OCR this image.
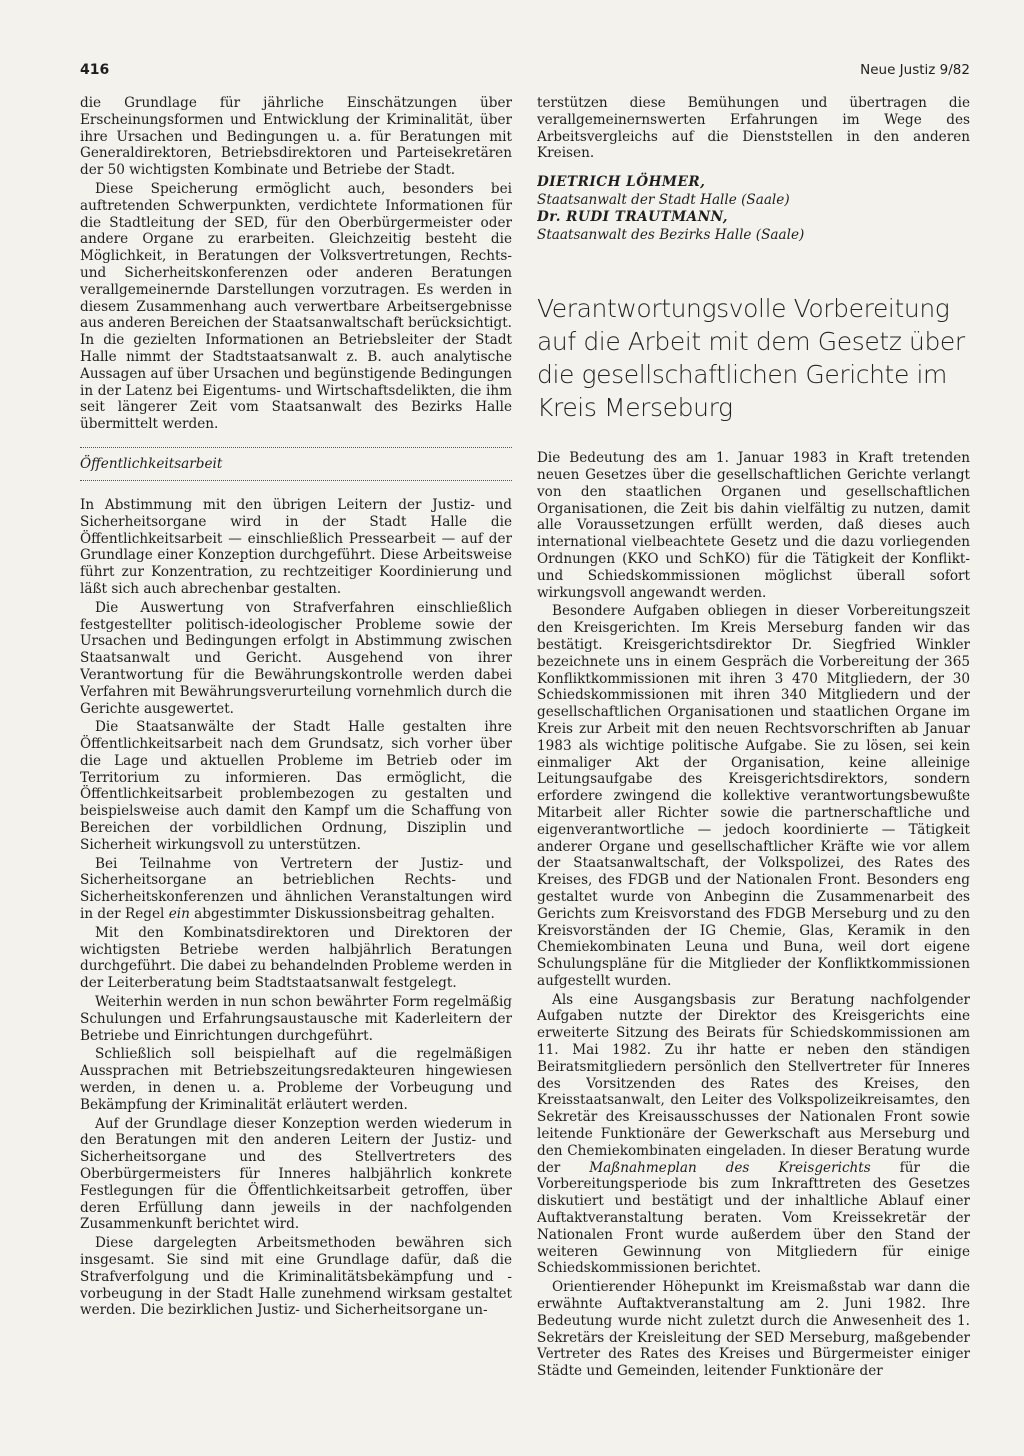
416	Neue Justiz 9/82

die Grundlage für jährliche Einschätzungen über Erscheinungsformen und Entwicklung der Kriminalität, über ihre Ursachen und Bedingungen u. a. für Beratungen mit Generaldirektoren, Betriebsdirektoren und Parteisekretären der 50 wichtigsten Kombinate und Betriebe der Stadt.

Diese Speicherung ermöglicht auch, besonders bei auftretenden Schwerpunkten, verdichtete Informationen für die Stadtleitung der SED, für den Oberbürgermeister oder andere Organe zu erarbeiten. Gleichzeitig besteht die Möglichkeit, in Beratungen der Volksvertretungen, Rechts- und Sicherheitskonferenzen oder anderen Beratungen verallgemeinernde Darstellungen vorzutragen. Es werden in diesem Zusammenhang auch verwertbare Arbeitsergebnisse aus anderen Bereichen der Staatsanwaltschaft berücksichtigt. In die gezielten Informationen an Betriebsleiter der Stadt Halle nimmt der Stadtstaatsanwalt z. B. auch analytische Aussagen auf über Ursachen und begünstigende Bedingungen in der Latenz bei Eigentums- und Wirtschaftsdelikten, die ihm seit längerer Zeit vom Staatsanwalt des Bezirks Halle übermittelt werden.

Öffentlichkeitsarbeit

In Abstimmung mit den übrigen Leitern der Justiz- und Sicherheitsorgane wird in der Stadt Halle die Öffentlichkeitsarbeit — einschließlich Pressearbeit — auf der Grundlage einer Konzeption durchgeführt. Diese Arbeitsweise führt zur Konzentration, zu rechtzeitiger Koordinierung und läßt sich auch abrechenbar gestalten.

Die Auswertung von Strafverfahren einschließlich festgestellter politisch-ideologischer Probleme sowie der Ursachen und Bedingungen erfolgt in Abstimmung zwischen Staatsanwalt und Gericht. Ausgehend von ihrer Verantwortung für die Bewährungskontrolle werden dabei Verfahren mit Bewährungsverurteilung vornehmlich durch die Gerichte ausgewertet.

Die Staatsanwälte der Stadt Halle gestalten ihre Öffentlichkeitsarbeit nach dem Grundsatz, sich vorher über die Lage und aktuellen Probleme im Betrieb oder im Territorium zu informieren. Das ermöglicht, die Öffentlichkeitsarbeit problembezogen zu gestalten und beispielsweise auch damit den Kampf um die Schaffung von Bereichen der vorbildlichen Ordnung, Disziplin und Sicherheit wirkungsvoll zu unterstützen.

Bei Teilnahme von Vertretern der Justiz- und Sicherheitsorgane an betrieblichen Rechts- und Sicherheitskonferenzen und ähnlichen Veranstaltungen wird in der Regel ein abgestimmter Diskussionsbeitrag gehalten.

Mit den Kombinatsdirektoren und Direktoren der wichtigsten Betriebe werden halbjährlich Beratungen durchgeführt. Die dabei zu behandelnden Probleme werden in der Leiterberatung beim Stadtstaatsanwalt festgelegt.

Weiterhin werden in nun schon bewährter Form regelmäßig Schulungen und Erfahrungsaustausche mit Kaderleitern der Betriebe und Einrichtungen durchgeführt.

Schließlich soll beispielhaft auf die regelmäßigen Aussprachen mit Betriebszeitungsredakteuren hingewiesen werden, in denen u. a. Probleme der Vorbeugung und Bekämpfung der Kriminalität erläutert werden.

Auf der Grundlage dieser Konzeption werden wiederum in den Beratungen mit den anderen Leitern der Justiz- und Sicherheitsorgane und des Stellvertreters des Oberbürgermeisters für Inneres halbjährlich konkrete Festlegungen für die Öffentlichkeitsarbeit getroffen, über deren Erfüllung dann jeweils in der nachfolgenden Zusammenkunft berichtet wird.

Diese dargelegten Arbeitsmethoden bewähren sich insgesamt. Sie sind mit eine Grundlage dafür, daß die Strafverfolgung und die Kriminalitätsbekämpfung und -vorbeugung in der Stadt Halle zunehmend wirksam gestaltet werden. Die bezirklichen Justiz- und Sicherheitsorgane un-

terstützen diese Bemühungen und übertragen die verallgemeinernswerten Erfahrungen im Wege des Arbeitsvergleichs auf die Dienststellen in den anderen Kreisen.

DIETRICH LÖHMER,
Staatsanwalt der Stadt Halle (Saale)
Dr. RUDI TRAUTMANN,
Staatsanwalt des Bezirks Halle (Saale)
Verantwortungsvolle Vorbereitung auf die Arbeit mit dem Gesetz über die gesellschaftlichen Gerichte im Kreis Merseburg

Die Bedeutung des am 1. Januar 1983 in Kraft tretenden neuen Gesetzes über die gesellschaftlichen Gerichte verlangt von den staatlichen Organen und gesellschaftlichen Organisationen, die Zeit bis dahin vielfältig zu nutzen, damit alle Voraussetzungen erfüllt werden, daß dieses auch international vielbeachtete Gesetz und die dazu vorliegenden Ordnungen (KKO und SchKO) für die Tätigkeit der Konflikt- und Schiedskommissionen möglichst überall sofort wirkungsvoll angewandt werden.

Besondere Aufgaben obliegen in dieser Vorbereitungszeit den Kreisgerichten. Im Kreis Merseburg fanden wir das bestätigt. Kreisgerichtsdirektor Dr. Siegfried Winkler bezeichnete uns in einem Gespräch die Vorbereitung der 365 Konfliktkommissionen mit ihren 3 470 Mitgliedern, der 30 Schiedskommissionen mit ihren 340 Mitgliedern und der gesellschaftlichen Organisationen und staatlichen Organe im Kreis zur Arbeit mit den neuen Rechtsvorschriften ab Januar 1983 als wichtige politische Aufgabe. Sie zu lösen, sei kein einmaliger Akt der Organisation, keine alleinige Leitungsaufgabe des Kreisgerichtsdirektors, sondern erfordere zwingend die kollektive verantwortungsbewußte Mitarbeit aller Richter sowie die partnerschaftliche und eigenverantwortliche — jedoch koordinierte — Tätigkeit anderer Organe und gesellschaftlicher Kräfte wie vor allem der Staatsanwaltschaft, der Volkspolizei, des Rates des Kreises, des FDGB und der Nationalen Front. Besonders eng gestaltet wurde von Anbeginn die Zusammenarbeit des Gerichts zum Kreisvorstand des FDGB Merseburg und zu den Kreisvorständen der IG Chemie, Glas, Keramik in den Chemiekombinaten Leuna und Buna, weil dort eigene Schulungspläne für die Mitglieder der Konfliktkommissionen aufgestellt wurden.

Als eine Ausgangsbasis zur Beratung nachfolgender Aufgaben nutzte der Direktor des Kreisgerichts eine erweiterte Sitzung des Beirats für Schiedskommissionen am 11. Mai 1982. Zu ihr hatte er neben den ständigen Beiratsmitgliedern persönlich den Stellvertreter für Inneres des Vorsitzenden des Rates des Kreises, den Kreisstaatsanwalt, den Leiter des Volkspolizeikreisamtes, den Sekretär des Kreisausschusses der Nationalen Front sowie leitende Funktionäre der Gewerkschaft aus Merseburg und den Chemiekombinaten eingeladen. In dieser Beratung wurde der Maßnahmeplan des Kreisgerichts für die Vorbereitungsperiode bis zum Inkrafttreten des Gesetzes diskutiert und bestätigt und der inhaltliche Ablauf einer Auftaktveranstaltung beraten. Vom Kreissekretär der Nationalen Front wurde außerdem über den Stand der weiteren Gewinnung von Mitgliedern für einige Schiedskommissionen berichtet.

Orientierender Höhepunkt im Kreismaßstab war dann die erwähnte Auftaktveranstaltung am 2. Juni 1982. Ihre Bedeutung wurde nicht zuletzt durch die Anwesenheit des 1. Sekretärs der Kreisleitung der SED Merseburg, maßgebender Vertreter des Rates des Kreises und Bürgermeister einiger Städte und Gemeinden, leitender Funktionäre der
